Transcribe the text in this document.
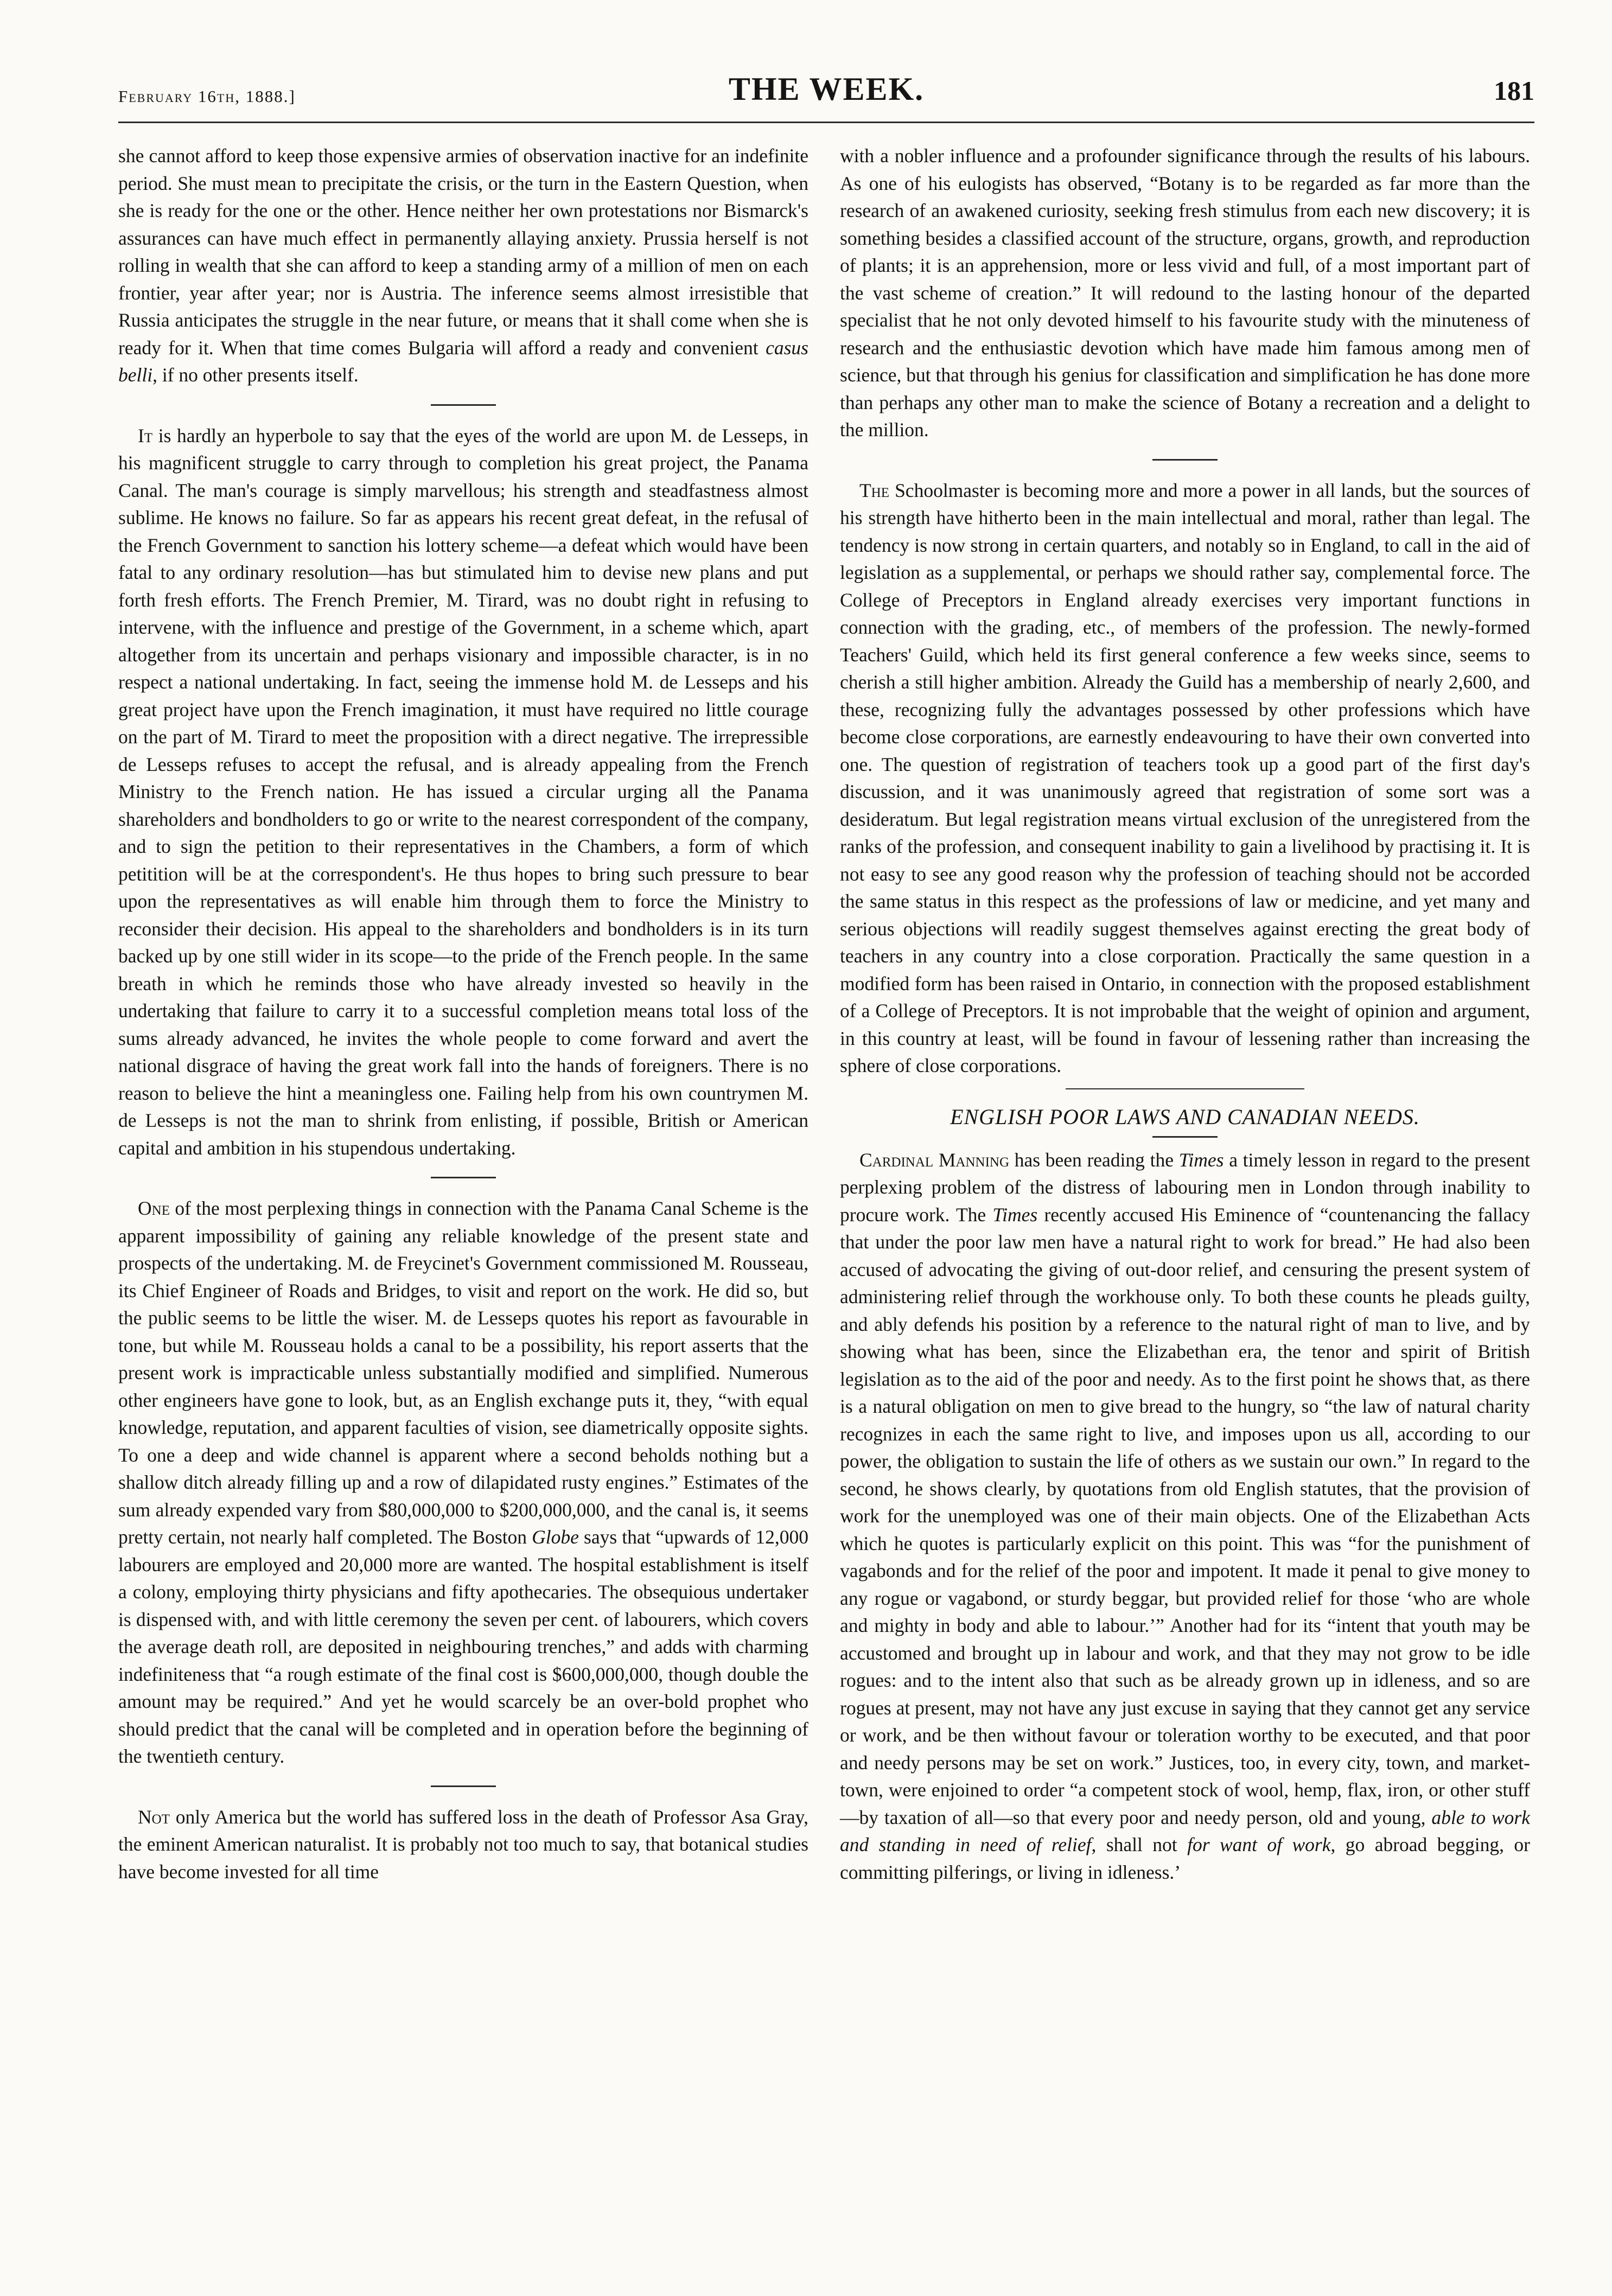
February 16th, 1888.]	THE WEEK.	181

she cannot afford to keep those expensive armies of observation inactive for an indefinite period. She must mean to precipitate the crisis, or the turn in the Eastern Question, when she is ready for the one or the other. Hence neither her own protestations nor Bismarck's assurances can have much effect in permanently allaying anxiety. Prussia herself is not rolling in wealth that she can afford to keep a standing army of a million of men on each frontier, year after year; nor is Austria. The inference seems almost irresistible that Russia anticipates the struggle in the near future, or means that it shall come when she is ready for it. When that time comes Bulgaria will afford a ready and convenient casus belli, if no other presents itself.

It is hardly an hyperbole to say that the eyes of the world are upon M. de Lesseps, in his magnificent struggle to carry through to completion his great project, the Panama Canal. The man's courage is simply marvellous; his strength and steadfastness almost sublime. He knows no failure. So far as appears his recent great defeat, in the refusal of the French Government to sanction his lottery scheme—a defeat which would have been fatal to any ordinary resolution—has but stimulated him to devise new plans and put forth fresh efforts. The French Premier, M. Tirard, was no doubt right in refusing to intervene, with the influence and prestige of the Government, in a scheme which, apart altogether from its uncertain and perhaps visionary and impossible character, is in no respect a national undertaking. In fact, seeing the immense hold M. de Lesseps and his great project have upon the French imagination, it must have required no little courage on the part of M. Tirard to meet the proposition with a direct negative. The irrepressible de Lesseps refuses to accept the refusal, and is already appealing from the French Ministry to the French nation. He has issued a circular urging all the Panama shareholders and bondholders to go or write to the nearest correspondent of the company, and to sign the petition to their representatives in the Chambers, a form of which petitition will be at the correspondent's. He thus hopes to bring such pressure to bear upon the representatives as will enable him through them to force the Ministry to reconsider their decision. His appeal to the shareholders and bondholders is in its turn backed up by one still wider in its scope—to the pride of the French people. In the same breath in which he reminds those who have already invested so heavily in the undertaking that failure to carry it to a successful completion means total loss of the sums already advanced, he invites the whole people to come forward and avert the national disgrace of having the great work fall into the hands of foreigners. There is no reason to believe the hint a meaningless one. Failing help from his own countrymen M. de Lesseps is not the man to shrink from enlisting, if possible, British or American capital and ambition in his stupendous undertaking.

One of the most perplexing things in connection with the Panama Canal Scheme is the apparent impossibility of gaining any reliable knowledge of the present state and prospects of the undertaking. M. de Freycinet's Government commissioned M. Rousseau, its Chief Engineer of Roads and Bridges, to visit and report on the work. He did so, but the public seems to be little the wiser. M. de Lesseps quotes his report as favourable in tone, but while M. Rousseau holds a canal to be a possibility, his report asserts that the present work is impracticable unless substantially modified and simplified. Numerous other engineers have gone to look, but, as an English exchange puts it, they, “with equal knowledge, reputation, and apparent faculties of vision, see diametrically opposite sights. To one a deep and wide channel is apparent where a second beholds nothing but a shallow ditch already filling up and a row of dilapidated rusty engines.” Estimates of the sum already expended vary from $80,000,000 to $200,000,000, and the canal is, it seems pretty certain, not nearly half completed. The Boston Globe says that “upwards of 12,000 labourers are employed and 20,000 more are wanted. The hospital establishment is itself a colony, employing thirty physicians and fifty apothecaries. The obsequious undertaker is dispensed with, and with little ceremony the seven per cent. of labourers, which covers the average death roll, are deposited in neighbouring trenches,” and adds with charming indefiniteness that “a rough estimate of the final cost is $600,000,000, though double the amount may be required.” And yet he would scarcely be an over-bold prophet who should predict that the canal will be completed and in operation before the beginning of the twentieth century.

Not only America but the world has suffered loss in the death of Professor Asa Gray, the eminent American naturalist. It is probably not too much to say, that botanical studies have become invested for all time

with a nobler influence and a profounder significance through the results of his labours. As one of his eulogists has observed, “Botany is to be regarded as far more than the research of an awakened curiosity, seeking fresh stimulus from each new discovery; it is something besides a classified account of the structure, organs, growth, and reproduction of plants; it is an apprehension, more or less vivid and full, of a most important part of the vast scheme of creation.” It will redound to the lasting honour of the departed specialist that he not only devoted himself to his favourite study with the minuteness of research and the enthusiastic devotion which have made him famous among men of science, but that through his genius for classification and simplification he has done more than perhaps any other man to make the science of Botany a recreation and a delight to the million.

The Schoolmaster is becoming more and more a power in all lands, but the sources of his strength have hitherto been in the main intellectual and moral, rather than legal. The tendency is now strong in certain quarters, and notably so in England, to call in the aid of legislation as a supplemental, or perhaps we should rather say, complemental force. The College of Preceptors in England already exercises very important functions in connection with the grading, etc., of members of the profession. The newly-formed Teachers' Guild, which held its first general conference a few weeks since, seems to cherish a still higher ambition. Already the Guild has a membership of nearly 2,600, and these, recognizing fully the advantages possessed by other professions which have become close corporations, are earnestly endeavouring to have their own converted into one. The question of registration of teachers took up a good part of the first day's discussion, and it was unanimously agreed that registration of some sort was a desideratum. But legal registration means virtual exclusion of the unregistered from the ranks of the profession, and consequent inability to gain a livelihood by practising it. It is not easy to see any good reason why the profession of teaching should not be accorded the same status in this respect as the professions of law or medicine, and yet many and serious objections will readily suggest themselves against erecting the great body of teachers in any country into a close corporation. Practically the same question in a modified form has been raised in Ontario, in connection with the proposed establishment of a College of Preceptors. It is not improbable that the weight of opinion and argument, in this country at least, will be found in favour of lessening rather than increasing the sphere of close corporations.

ENGLISH POOR LAWS AND CANADIAN NEEDS.

Cardinal Manning has been reading the Times a timely lesson in regard to the present perplexing problem of the distress of labouring men in London through inability to procure work. The Times recently accused His Eminence of “countenancing the fallacy that under the poor law men have a natural right to work for bread.” He had also been accused of advocating the giving of out-door relief, and censuring the present system of administering relief through the workhouse only. To both these counts he pleads guilty, and ably defends his position by a reference to the natural right of man to live, and by showing what has been, since the Elizabethan era, the tenor and spirit of British legislation as to the aid of the poor and needy. As to the first point he shows that, as there is a natural obligation on men to give bread to the hungry, so “the law of natural charity recognizes in each the same right to live, and imposes upon us all, according to our power, the obligation to sustain the life of others as we sustain our own.” In regard to the second, he shows clearly, by quotations from old English statutes, that the provision of work for the unemployed was one of their main objects. One of the Elizabethan Acts which he quotes is particularly explicit on this point. This was “for the punishment of vagabonds and for the relief of the poor and impotent. It made it penal to give money to any rogue or vagabond, or sturdy beggar, but provided relief for those ‘who are whole and mighty in body and able to labour.’” Another had for its “intent that youth may be accustomed and brought up in labour and work, and that they may not grow to be idle rogues: and to the intent also that such as be already grown up in idleness, and so are rogues at present, may not have any just excuse in saying that they cannot get any service or work, and be then without favour or toleration worthy to be executed, and that poor and needy persons may be set on work.” Justices, too, in every city, town, and market-town, were enjoined to order “a competent stock of wool, hemp, flax, iron, or other stuff—by taxation of all—so that every poor and needy person, old and young, able to work and standing in need of relief, shall not for want of work, go abroad begging, or committing pilferings, or living in idleness.’
